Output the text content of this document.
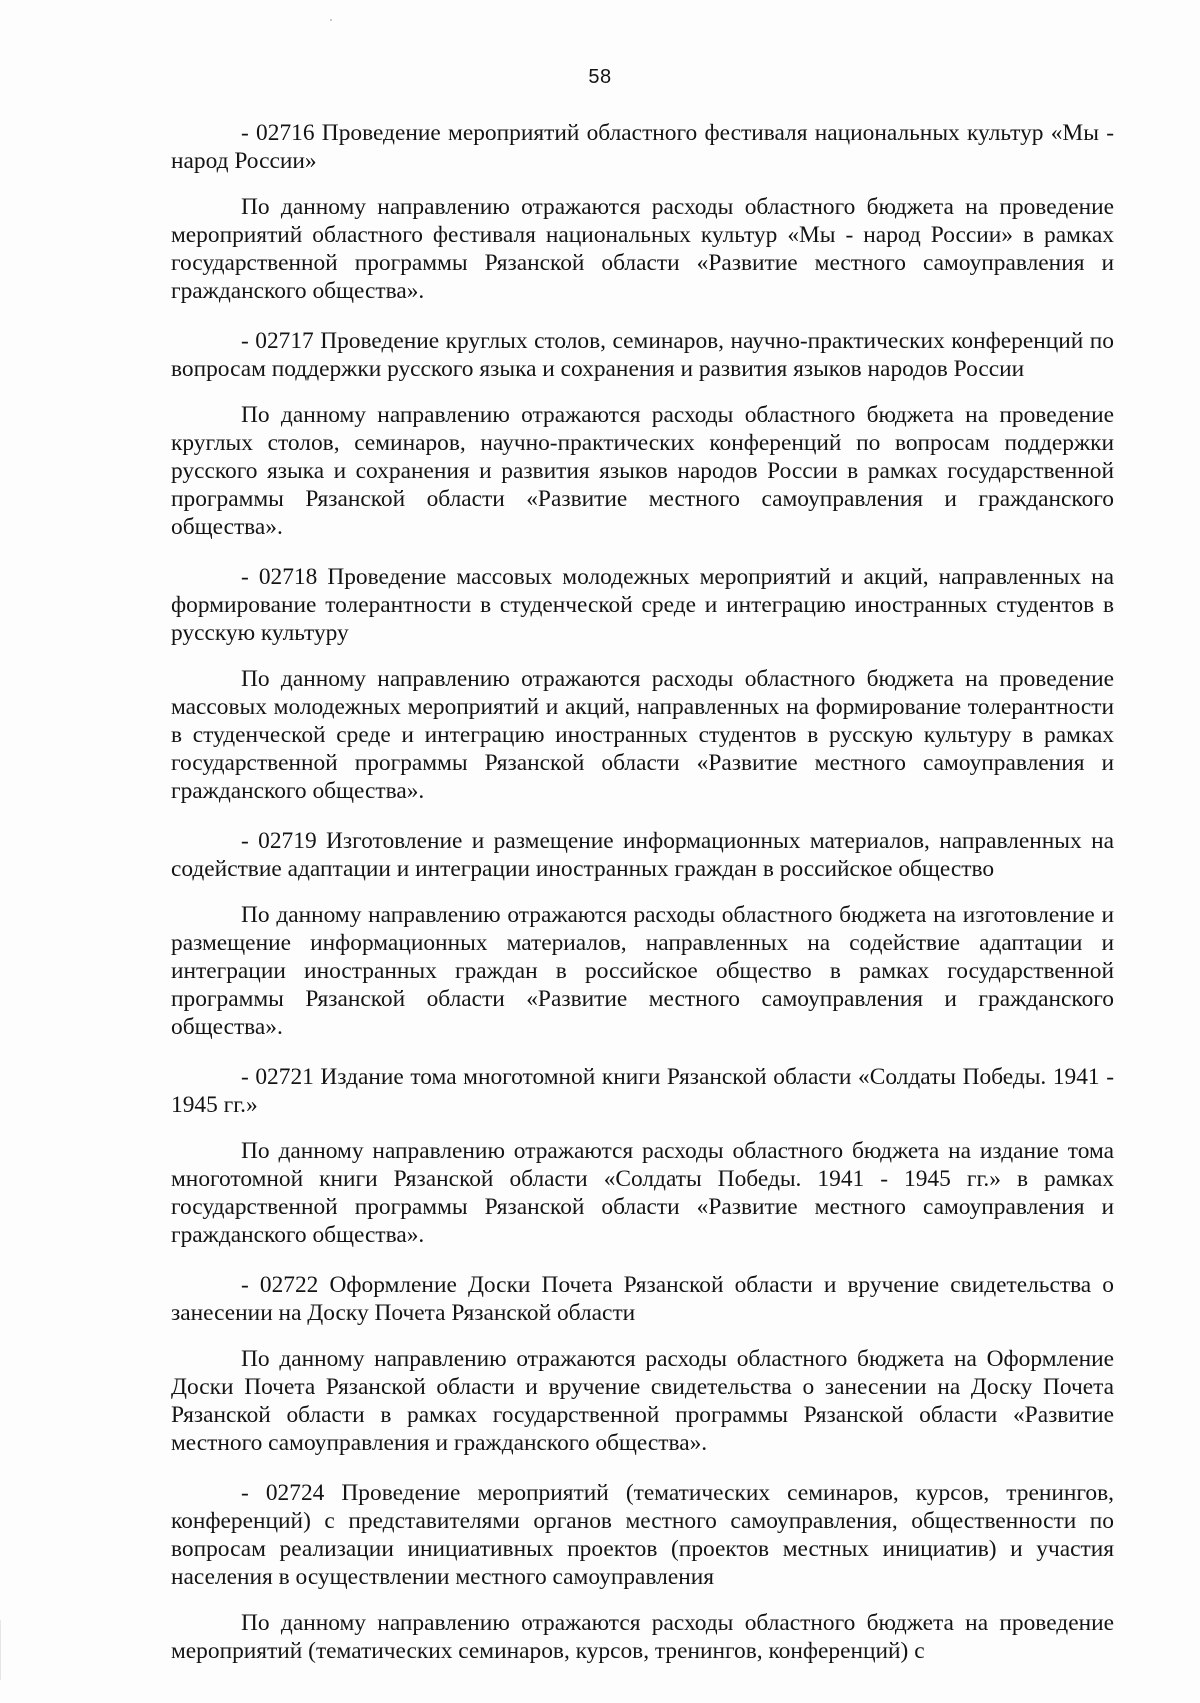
58

- 02716 Проведение мероприятий областного фестиваля национальных культур «Мы - народ России»

По данному направлению отражаются расходы областного бюджета на проведение мероприятий областного фестиваля национальных культур «Мы - народ России» в рамках государственной программы Рязанской области «Развитие местного самоуправления и гражданского общества».

- 02717 Проведение круглых столов, семинаров, научно-практических конференций по вопросам поддержки русского языка и сохранения и развития языков народов России

По данному направлению отражаются расходы областного бюджета на проведение круглых столов, семинаров, научно-практических конференций по вопросам поддержки русского языка и сохранения и развития языков народов России в рамках государственной программы Рязанской области «Развитие местного самоуправления и гражданского общества».

- 02718 Проведение массовых молодежных мероприятий и акций, направленных на формирование толерантности в студенческой среде и интеграцию иностранных студентов в русскую культуру

По данному направлению отражаются расходы областного бюджета на проведение массовых молодежных мероприятий и акций, направленных на формирование толерантности в студенческой среде и интеграцию иностранных студентов в русскую культуру в рамках государственной программы Рязанской области «Развитие местного самоуправления и гражданского общества».

- 02719 Изготовление и размещение информационных материалов, направленных на содействие адаптации и интеграции иностранных граждан в российское общество

По данному направлению отражаются расходы областного бюджета на изготовление и размещение информационных материалов, направленных на содействие адаптации и интеграции иностранных граждан в российское общество в рамках государственной программы Рязанской области «Развитие местного самоуправления и гражданского общества».

- 02721 Издание тома многотомной книги Рязанской области «Солдаты Победы. 1941 - 1945 гг.»

По данному направлению отражаются расходы областного бюджета на издание тома многотомной книги Рязанской области «Солдаты Победы. 1941 - 1945 гг.» в рамках государственной программы Рязанской области «Развитие местного самоуправления и гражданского общества».

- 02722 Оформление Доски Почета Рязанской области и вручение свидетельства о занесении на Доску Почета Рязанской области

По данному направлению отражаются расходы областного бюджета на Оформление Доски Почета Рязанской области и вручение свидетельства о занесении на Доску Почета Рязанской области в рамках государственной программы Рязанской области «Развитие местного самоуправления и гражданского общества».

- 02724 Проведение мероприятий (тематических семинаров, курсов, тренингов, конференций) с представителями органов местного самоуправления, общественности по вопросам реализации инициативных проектов (проектов местных инициатив) и участия населения в осуществлении местного самоуправления

По данному направлению отражаются расходы областного бюджета на проведение мероприятий (тематических семинаров, курсов, тренингов, конференций) с
